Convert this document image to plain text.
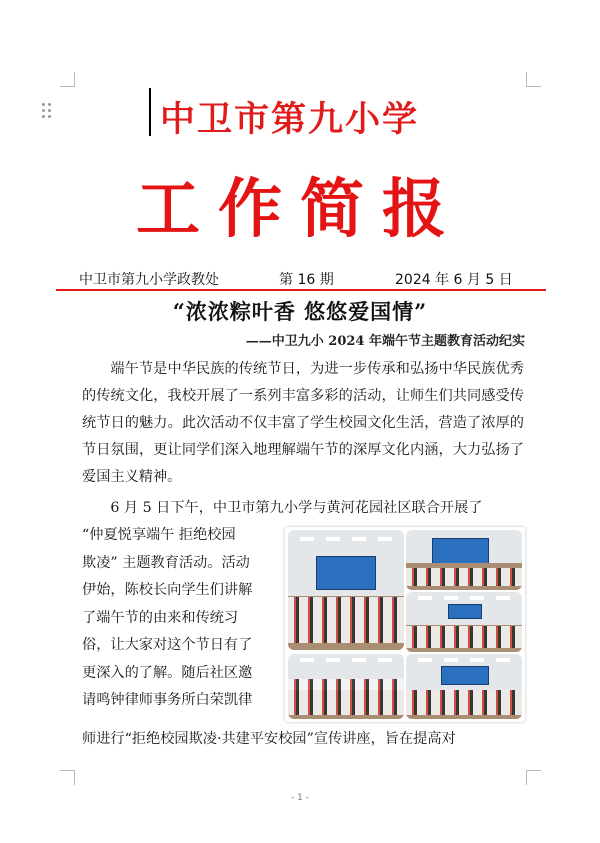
中卫市第九小学
工作简报
中卫市第九小学政教处	第 16 期	2024 年 6 月 5 日
“浓浓粽叶香 悠悠爱国情”
——中卫九小 2024 年端午节主题教育活动纪实
端午节是中华民族的传统节日，为进一步传承和弘扬中华民族优秀的传统文化，我校开展了一系列丰富多彩的活动，让师生们共同感受传统节日的魅力。此次活动不仅丰富了学生校园文化生活，营造了浓厚的节日氛围，更让同学们深入地理解端午节的深厚文化内涵，大力弘扬了爱国主义精神。
6 月 5 日下午，中卫市第九小学与黄河花园社区联合开展了
“仲夏悦享端午 拒绝校园
欺凌” 主题教育活动。活动
伊始，陈校长向学生们讲解
了端午节的由来和传统习
俗，让大家对这个节日有了
更深入的了解。随后社区邀
请鸣钟律师事务所白荣凯律
师进行“拒绝校园欺凌·共建平安校园”宣传讲座，旨在提高对
- 1 -
